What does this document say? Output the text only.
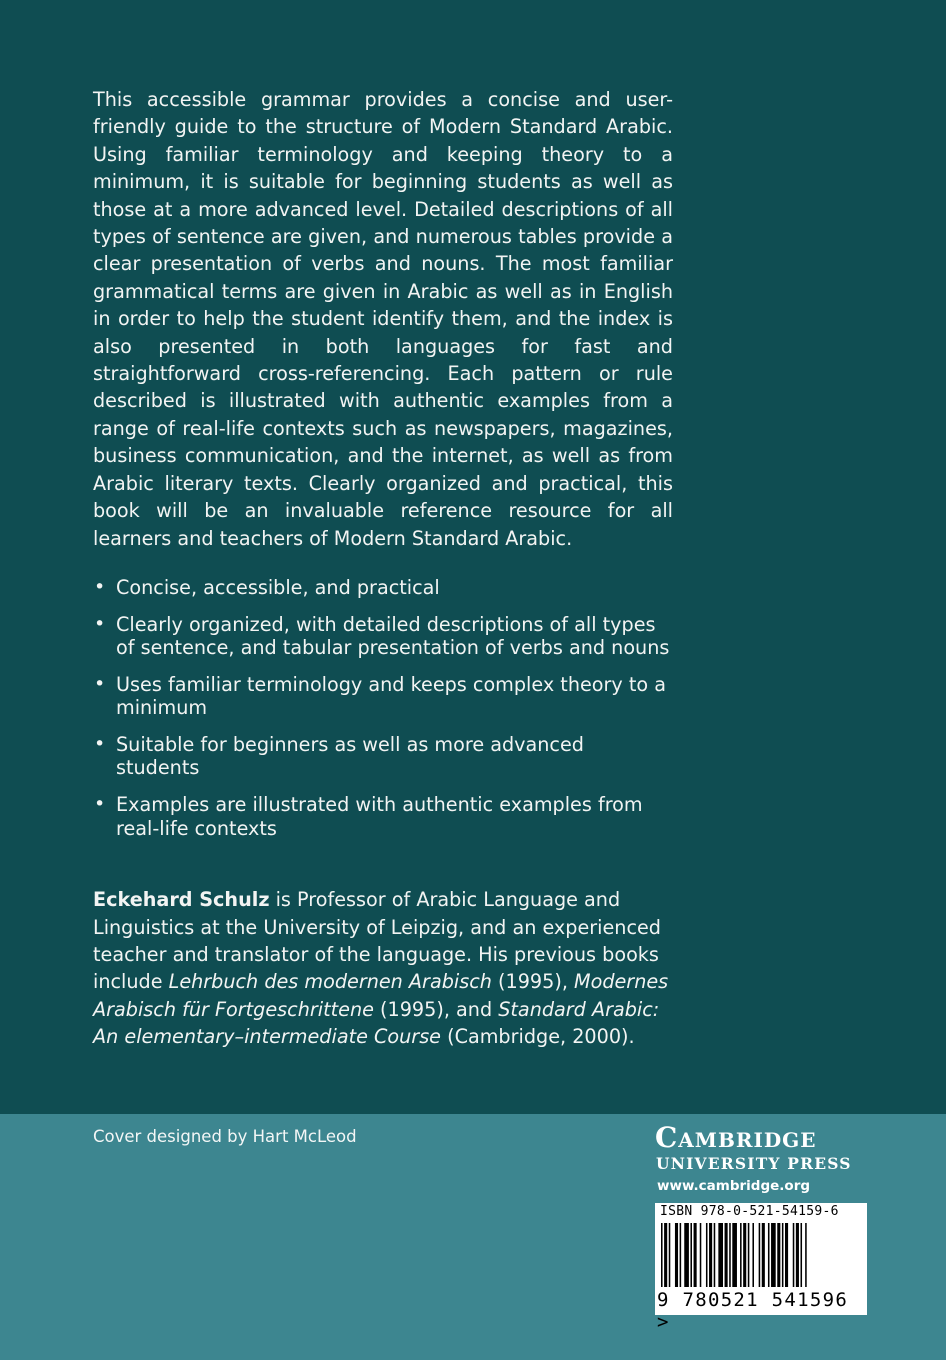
This accessible grammar provides a concise and user-friendly guide to the structure of Modern Standard Arabic. Using familiar terminology and keeping theory to a minimum, it is suitable for beginning students as well as those at a more advanced level. Detailed descriptions of all types of sentence are given, and numerous tables provide a clear presentation of verbs and nouns. The most familiar grammatical terms are given in Arabic as well as in English in order to help the student identify them, and the index is also presented in both languages for fast and straightforward cross-referencing. Each pattern or rule described is illustrated with authentic examples from a range of real-life contexts such as newspapers, magazines, business communication, and the internet, as well as from Arabic literary texts. Clearly organized and practical, this book will be an invaluable reference resource for all learners and teachers of Modern Standard Arabic.

• Concise, accessible, and practical
• Clearly organized, with detailed descriptions of all types of sentence, and tabular presentation of verbs and nouns
• Uses familiar terminology and keeps complex theory to a minimum
• Suitable for beginners as well as more advanced students
• Examples are illustrated with authentic examples from real-life contexts

Eckehard Schulz is Professor of Arabic Language and Linguistics at the University of Leipzig, and an experienced teacher and translator of the language. His previous books include Lehrbuch des modernen Arabisch (1995), Modernes Arabisch für Fortgeschrittene (1995), and Standard Arabic: An elementary–intermediate Course (Cambridge, 2000).

Cover designed by Hart McLeod	Cambridge
UNIVERSITY PRESS
www.cambridge.org
ISBN 978-0-521-54159-6
9 780521 541596 >
